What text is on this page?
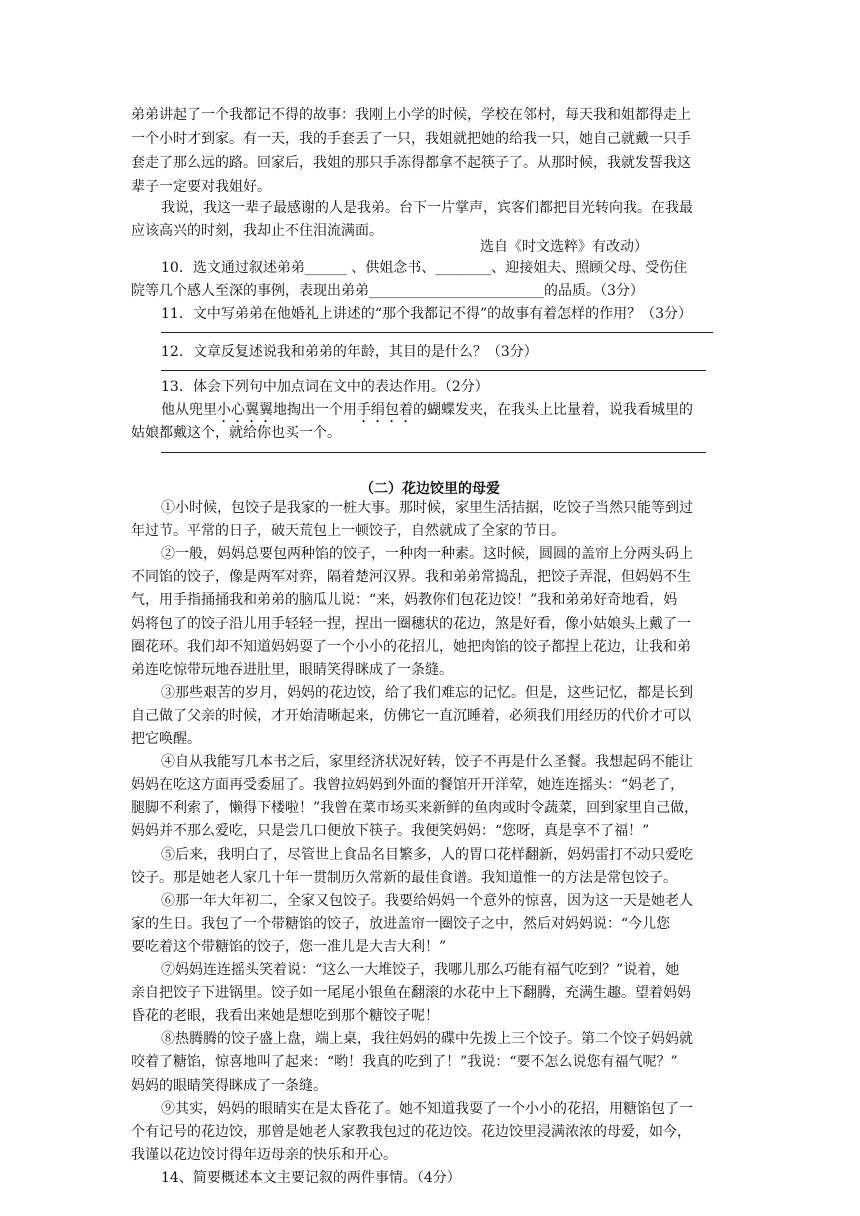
弟弟讲起了一个我都记不得的故事：我刚上小学的时候，学校在邻村，每天我和姐都得走上
一个小时才到家。有一天，我的手套丢了一只，我姐就把她的给我一只，她自己就戴一只手
套走了那么远的路。回家后，我姐的那只手冻得都拿不起筷子了。从那时候，我就发誓我这
辈子一定要对我姐好。
我说，我这一辈子最感谢的人是我弟。台下一片掌声，宾客们都把目光转向我。在我最
应该高兴的时刻，我却止不住泪流满面。
选自《时文选粹》有改动）
10．选文通过叙述弟弟______ 、供姐念书、________、迎接姐夫、照顾父母、受伤住
院等几个感人至深的事例，表现出弟弟_________________________的品质。（3分）
11．文中写弟弟在他婚礼上讲述的“那个我都记不得”的故事有着怎样的作用？（3分）
12．文章反复述说我和弟弟的年龄，其目的是什么？（3分）
13．体会下列句中加点词在文中的表达作用。（2分）
他从兜里小心翼翼地掏出一个用手绢包着的蝴蝶发夹，在我头上比量着，说我看城里的
姑娘都戴这个，就给你也买一个。
（二）花边饺里的母爱
①小时候，包饺子是我家的一桩大事。那时候，家里生活拮据，吃饺子当然只能等到过
年过节。平常的日子，破天荒包上一顿饺子，自然就成了全家的节日。
②一般，妈妈总要包两种馅的饺子，一种肉一种素。这时候，圆圆的盖帘上分两头码上
不同馅的饺子，像是两军对弈，隔着楚河汉界。我和弟弟常捣乱，把饺子弄混，但妈妈不生
气，用手指捅捅我和弟弟的脑瓜儿说：“来，妈教你们包花边饺！”我和弟弟好奇地看，妈
妈将包了的饺子沿儿用手轻轻一捏，捏出一圈穗状的花边，煞是好看，像小姑娘头上戴了一
圈花环。我们却不知道妈妈耍了一个小小的花招儿，她把肉馅的饺子都捏上花边，让我和弟
弟连吃惊带玩地吞进肚里，眼睛笑得眯成了一条缝。
③那些艰苦的岁月，妈妈的花边饺，给了我们难忘的记忆。但是，这些记忆，都是长到
自己做了父亲的时候，才开始清晰起来，仿佛它一直沉睡着，必须我们用经历的代价才可以
把它唤醒。
④自从我能写几本书之后，家里经济状况好转，饺子不再是什么圣餐。我想起码不能让
妈妈在吃这方面再受委屈了。我曾拉妈妈到外面的餐馆开开洋荤，她连连摇头：“妈老了，
腿脚不利索了，懒得下楼啦！”我曾在菜市场买来新鲜的鱼肉或时令蔬菜，回到家里自己做，
妈妈并不那么爱吃，只是尝几口便放下筷子。我便笑妈妈：“您呀，真是享不了福！”
⑤后来，我明白了，尽管世上食品名目繁多，人的胃口花样翻新，妈妈雷打不动只爱吃
饺子。那是她老人家几十年一贯制历久常新的最佳食谱。我知道惟一的方法是常包饺子。
⑥那一年大年初二，全家又包饺子。我要给妈妈一个意外的惊喜，因为这一天是她老人
家的生日。我包了一个带糖馅的饺子，放进盖帘一圈饺子之中，然后对妈妈说：“今儿您
要吃着这个带糖馅的饺子，您一准儿是大吉大利！”
⑦妈妈连连摇头笑着说：“这么一大堆饺子，我哪儿那么巧能有福气吃到？”说着，她
亲自把饺子下进锅里。饺子如一尾尾小银鱼在翻滚的水花中上下翻腾，充满生趣。望着妈妈
昏花的老眼，我看出来她是想吃到那个糖饺子呢！
⑧热腾腾的饺子盛上盘，端上桌，我往妈妈的碟中先拨上三个饺子。第二个饺子妈妈就
咬着了糖馅，惊喜地叫了起来：“哟！我真的吃到了！”我说：“要不怎么说您有福气呢？”
妈妈的眼睛笑得眯成了一条缝。
⑨其实，妈妈的眼睛实在是太昏花了。她不知道我耍了一个小小的花招，用糖馅包了一
个有记号的花边饺，那曾是她老人家教我包过的花边饺。花边饺里浸满浓浓的母爱，如今，
我谨以花边饺讨得年迈母亲的快乐和开心。
14、简要概述本文主要记叙的两件事情。（4分）
